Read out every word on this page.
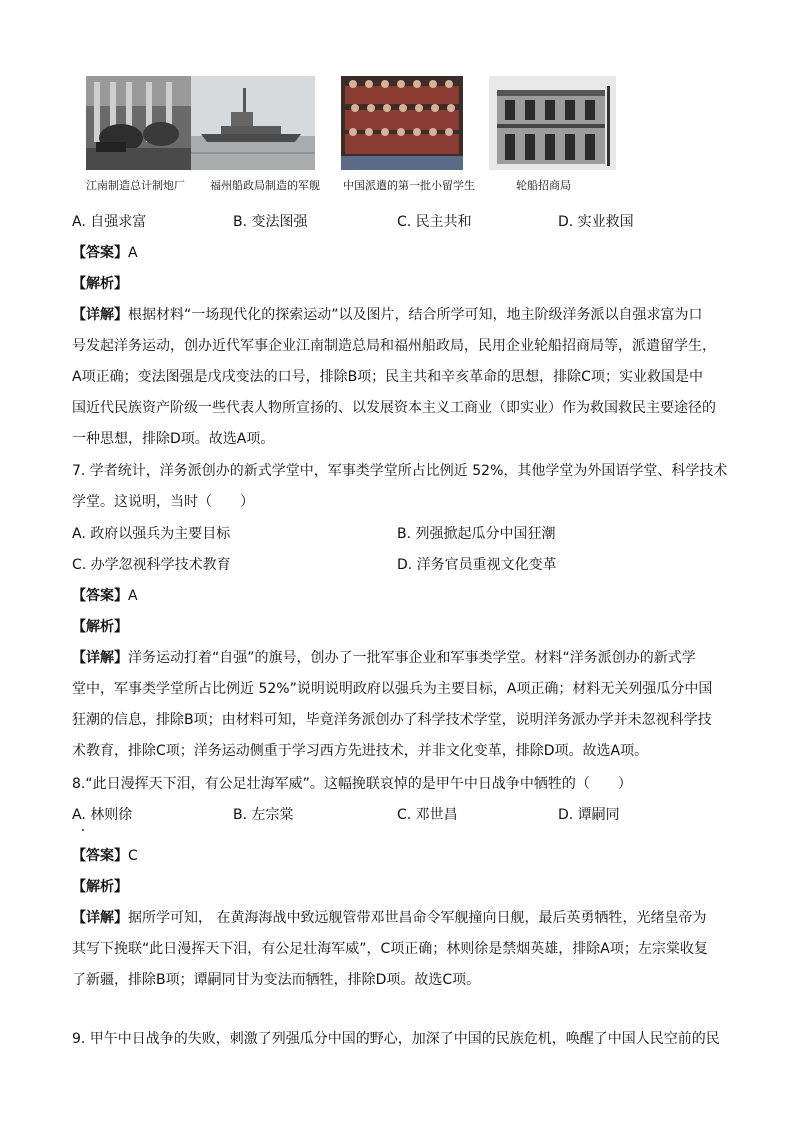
江南制造总计制炮厂 福州船政局制造的军舰 中国派遣的第一批小留学生	轮船招商局
A. 自强求富	B. 变法图强	C. 民主共和	D. 实业救国
【答案】A
【解析】

【详解】根据材料“一场现代化的探索运动”以及图片，结合所学可知，地主阶级洋务派以自强求富为口

号发起洋务运动，创办近代军事企业江南制造总局和福州船政局，民用企业轮船招商局等，派遣留学生，

A项正确；变法图强是戊戌变法的口号，排除B项；民主共和辛亥革命的思想，排除C项；实业救国是中

国近代民族资产阶级一些代表人物所宣扬的、以发展资本主义工商业（即实业）作为救国救民主要途径的

一种思想，排除D项。故选A项。

7. 学者统计，洋务派创办的新式学堂中，军事类学堂所占比例近 52%，其他学堂为外国语学堂、科学技术

学堂。这说明，当时（　　）

A. 政府以强兵为主要目标	B. 列强掀起瓜分中国狂潮
C. 办学忽视科学技术教育	D. 洋务官员重视文化变革
【答案】A
【解析】

【详解】洋务运动打着“自强”的旗号，创办了一批军事企业和军事类学堂。材料“洋务派创办的新式学

堂中，军事类学堂所占比例近 52%”说明说明政府以强兵为主要目标，A项正确；材料无关列强瓜分中国

狂潮的信息，排除B项；由材料可知，毕竟洋务派创办了科学技术学堂，说明洋务派办学并未忽视科学技

术教育，排除C项；洋务运动侧重于学习西方先进技术，并非文化变革，排除D项。故选A项。

8.“此日漫挥天下泪，有公足壮海军威”。这幅挽联哀悼的是甲午中日战争中牺牲的（　　）
A. 林则徐	B. 左宗棠	C. 邓世昌	D. 谭嗣同
【答案】C
【解析】

【详解】据所学可知， 在黄海海战中致远舰管带邓世昌命令军舰撞向日舰，最后英勇牺牲，光绪皇帝为

其写下挽联“此日漫挥天下泪，有公足壮海军威”，C项正确；林则徐是禁烟英雄，排除A项；左宗棠收复

了新疆，排除B项；谭嗣同甘为变法而牺牲，排除D项。故选C项。

9. 甲午中日战争的失败，刺激了列强瓜分中国的野心，加深了中国的民族危机，唤醒了中国人民空前的民
